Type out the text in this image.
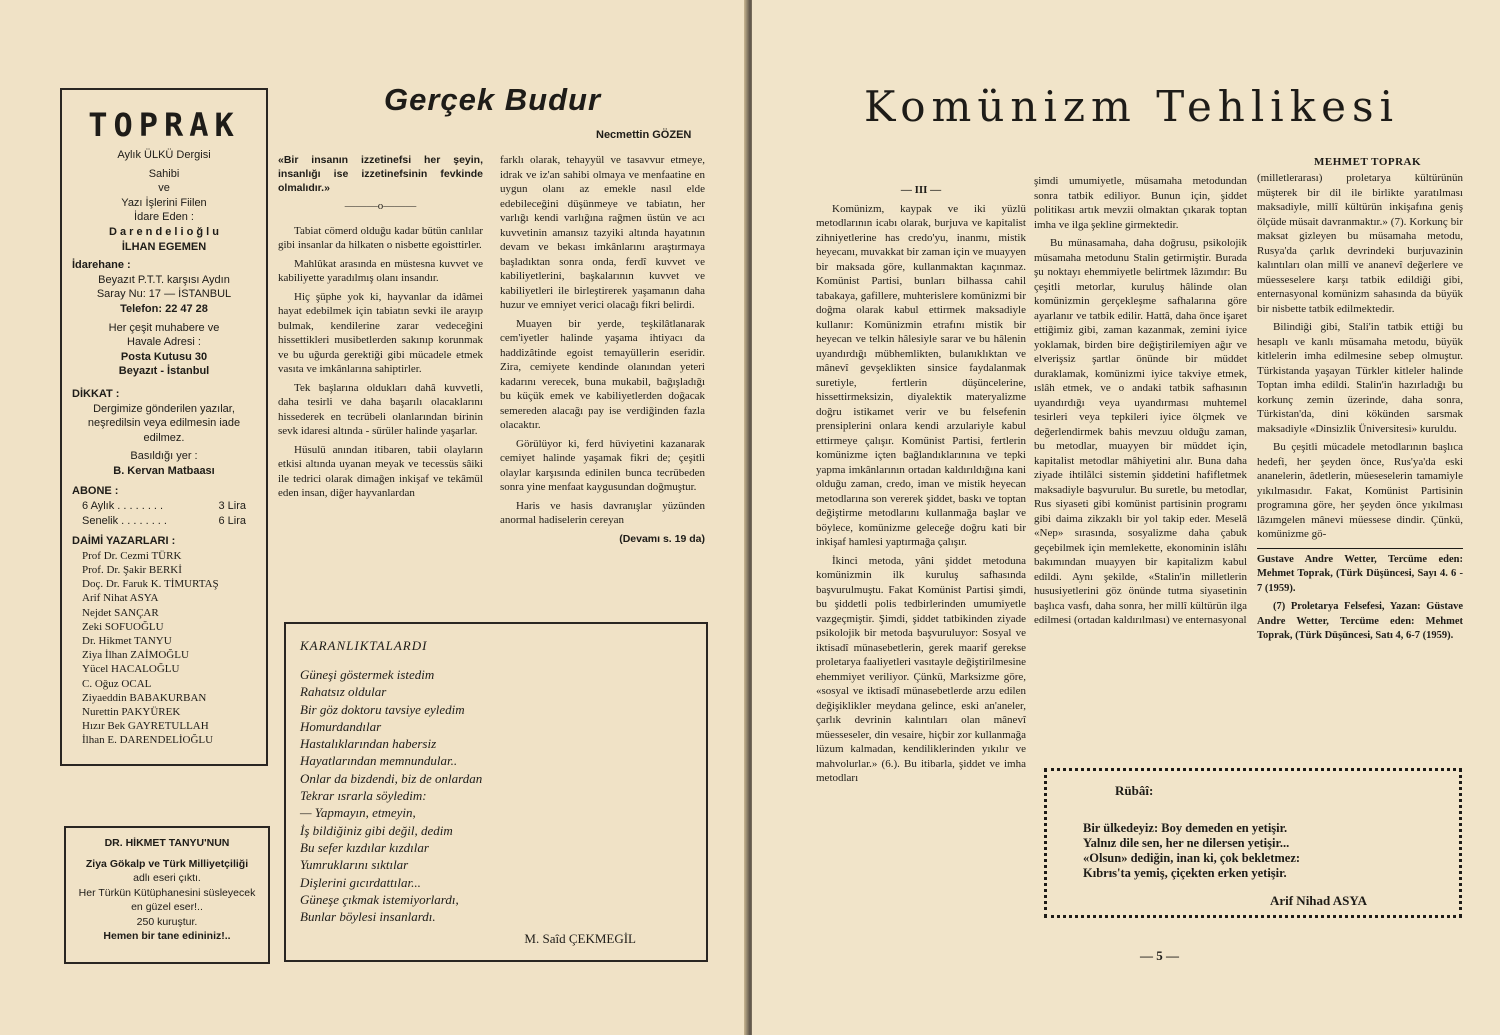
TOPRAK
Aylık ÜLKÜ Dergisi
Sahibi
ve
Yazı İşlerini Fiilen
İdare Eden :
D a r e n d e l i o ğ l u
İLHAN EGEMEN
İdarehane :
Beyazıt P.T.T. karşısı Aydın
Saray Nu: 17 — İSTANBUL
Telefon: 22 47 28
Her çeşit muhabere ve
Havale Adresi :
Posta Kutusu 30
Beyazıt - İstanbul
DİKKAT :
Dergimize gönderilen yazılar, neşredilsin veya edilmesin iade edilmez.
Basıldığı yer :
B. Kervan Matbaası
ABONE :
6 Aylık . . . . . . . .	3 Lira
Senelik . . . . . . . .	6 Lira
DAİMİ YAZARLARI :
Prof Dr. Cezmi TÜRK
Prof. Dr. Şakir BERKİ
Doç. Dr. Faruk K. TİMURTAŞ
Arif Nihat ASYA
Nejdet SANÇAR
Zeki SOFUOĞLU
Dr. Hikmet TANYU
Ziya İlhan ZAİMOĞLU
Yücel HACALOĞLU
C. Oğuz OCAL
Ziyaeddin BABAKURBAN
Nurettin PAKYÜREK
Hızır Bek GAYRETULLAH
İlhan E. DARENDELİOĞLU
DR. HİKMET TANYU'NUN
Ziya Gökalp ve Türk Milliyetçiliği
adlı eseri çıktı.
Her Türkün Kütüphanesini süsleyecek en güzel eser!..
250 kuruştur.
Hemen bir tane edininiz!..
Gerçek Budur
Necmettin GÖZEN
«Bir insanın izzetinefsi her şeyin, insanlığı ise izzetinefsinin fevkinde olmalıdır.»
———o———

Tabiat cömerd olduğu kadar bütün canlılar gibi insanlar da hilkaten o nisbette egoisttirler.

Mahlûkat arasında en müstesna kuvvet ve kabiliyette yaradılmış olanı insandır.

Hiç şüphe yok ki, hayvanlar da idâmei hayat edebilmek için tabiatın sevki ile arayıp bulmak, kendilerine zarar vedeceğini hissettikleri musibetlerden sakınıp korunmak ve bu uğurda gerektiği gibi mücadele etmek vasıta ve imkânlarına sahiptirler.

Tek başlarına oldukları dahâ kuvvetli, daha tesirli ve daha başarılı olacaklarını hissederek en tecrübeli olanlarından birinin sevk idaresi altında - sürüler halinde yaşarlar.

Hüsulü anından itibaren, tabii olayların etkisi altında uyanan meyak ve tecessüs sâiki ile tedrici olarak dimağen inkişaf ve tekâmül eden insan, diğer hayvanlardan

farklı olarak, tehayyül ve tasavvur etmeye, idrak ve iz'an sahibi olmaya ve menfaatine en uygun olanı az emekle nasıl elde edebileceğini düşünmeye ve tabiatın, her varlığı kendi varlığına rağmen üstün ve acı kuvvetinin amansız tazyiki altında hayatının devam ve bekası imkânlarını araştırmaya başladıktan sonra onda, ferdî kuvvet ve kabiliyetlerini, başkalarının kuvvet ve kabiliyetleri ile birleştirerek yaşamanın daha huzur ve emniyet verici olacağı fikri belirdi.

Muayen bir yerde, teşkilâtlanarak cem'iyetler halinde yaşama ihtiyacı da haddizâtinde egoist temayüllerin eseridir. Zira, cemiyete kendinde olanından yeteri kadarını verecek, buna mukabil, bağışladığı bu küçük emek ve kabiliyetlerden doğacak semereden alacağı pay ise verdiğinden fazla olacaktır.

Görülüyor ki, ferd hüviyetini kazanarak cemiyet halinde yaşamak fikri de; çeşitli olaylar karşısında edinilen bunca tecrübeden sonra yine menfaat kaygusundan doğmuştur.

Haris ve hasis davranışlar yüzünden anormal hadiselerin cereyan

(Devamı s. 19 da)
KARANLIKTALARDI
Güneşi göstermek istedim
Rahatsız oldular
Bir göz doktoru tavsiye eyledim
Homurdandılar
Hastalıklarından habersiz
Hayatlarından memnundular..
Onlar da bizdendi, biz de onlardan
Tekrar ısrarla söyledim:
— Yapmayın, etmeyin,
İş bildiğiniz gibi değil, dedim
Bu sefer kızdılar kızdılar
Yumruklarını sıktılar
Dişlerini gıcırdattılar...
Güneşe çıkmak istemiyorlardı,
Bunlar böylesi insanlardı.
M. Saîd ÇEKMEGİL
Komünizm Tehlikesi
MEHMET TOPRAK
— III —

Komünizm, kaypak ve iki yüzlü metodlarının icabı olarak, burjuva ve kapitalist zihniyetlerine has credo'yu, inanmı, mistik heyecanı, muvakkat bir zaman için ve muayyen bir maksada göre, kullanmaktan kaçınmaz. Komünist Partisi, bunları bilhassa cahil tabakaya, gafillere, muhterislere komünizmi bir doğma olarak kabul ettirmek maksadiyle kullanır: Komünizmin etrafını mistik bir heyecan ve telkin hâlesiyle sarar ve bu hâlenin uyandırdığı mübhemlikten, bulanıklıktan ve mânevî gevşeklikten sinsice faydalanmak suretiyle, fertlerin düşüncelerine, hissettirmeksizin, diyalektik materyalizme doğru istikamet verir ve bu felsefenin prensiplerini onlara kendi arzulariyle kabul ettirmeye çalışır. Komünist Partisi, fertlerin komünizme içten bağlandıklarınına ve tepki yapma imkânlarının ortadan kaldırıldığına kani olduğu zaman, credo, iman ve mistik heyecan metodlarına son vererek şiddet, baskı ve toptan değiştirme metodlarını kullanmağa başlar ve böylece, komünizme geleceğe doğru kati bir inkişaf hamlesi yaptırmağa çalışır.

İkinci metoda, yâni şiddet metoduna komünizmin ilk kuruluş safhasında başvurulmuştu. Fakat Komünist Partisi şimdi, bu şiddetli polis tedbirlerinden umumiyetle vazgeçmiştir. Şimdi, şiddet tatbikinden ziyade psikolojik bir metoda başvuruluyor: Sosyal ve iktisadî münasebetlerin, gerek maarif gerekse proletarya faaliyetleri vasıtayle değiştirilmesine ehemmiyet veriliyor. Çünkü, Marksizme göre, «sosyal ve iktisadî münasebetlerde arzu edilen değişiklikler meydana gelince, eski an'aneler, çarlık devrinin kalıntıları olan mânevî müesseseler, din vesaire, hiçbir zor kullanmağa lüzum kalmadan, kendiliklerinden yıkılır ve mahvolurlar.» (6.). Bu itibarla, şiddet ve imha metodları

şimdi umumiyetle, müsamaha metodundan sonra tatbik ediliyor. Bunun için, şiddet politikası artık mevzii olmaktan çıkarak toptan imha ve ilga şekline girmektedir.

Bu münasamaha, daha doğrusu, psikolojik müsamaha metodunu Stalin getirmiştir. Burada şu noktayı ehemmiyetle belirtmek lâzımdır: Bu çeşitli metorlar, kuruluş hâlinde olan komünizmin gerçekleşme safhalarına göre ayarlanır ve tatbik edilir. Hattâ, daha önce işaret ettiğimiz gibi, zaman kazanmak, zemini iyice yoklamak, birden bire değiştirilemiyen ağır ve elverişsiz şartlar önünde bir müddet duraklamak, komünizmi iyice takviye etmek, ıslâh etmek, ve o andaki tatbik safhasının uyandırdığı veya uyandırması muhtemel tesirleri veya tepkileri iyice ölçmek ve değerlendirmek bahis mevzuu olduğu zaman, bu metodlar, muayyen bir müddet için, kapitalist metodlar mâhiyetini alır. Buna daha ziyade ihtilâlci sistemin şiddetini hafifletmek maksadiyle başvurulur. Bu suretle, bu metodlar, Rus siyaseti gibi komünist partisinin programı gibi daima zikzaklı bir yol takip eder. Meselâ «Nep» sırasında, sosyalizme daha çabuk geçebilmek için memlekette, ekonominin islâhı bakımından muayyen bir kapitalizm kabul edildi. Aynı şekilde, «Stalin'in milletlerin hususiyetlerini göz önünde tutma siyasetinin başlıca vasfı, daha sonra, her millî kültürün ilga edilmesi (ortadan kaldırılması) ve enternasyonal

(milletlerarası) proletarya kültürünün müşterek bir dil ile birlikte yaratılması maksadiyle, millî kültürün inkişafına geniş ölçüde müsait davranmaktır.» (7). Korkunç bir maksat gizleyen bu müsamaha metodu, Rusya'da çarlık devrindeki burjuvazinin kalıntıları olan millî ve ananevî değerlere ve müesseselere karşı tatbik edildiği gibi, enternasyonal komünizm sahasında da büyük bir nisbette tatbik edilmektedir.

Bilindiği gibi, Stali'in tatbik ettiği bu hesaplı ve kanlı müsamaha metodu, büyük kitlelerin imha edilmesine sebep olmuştur. Türkistanda yaşayan Türkler kitleler halinde Toptan imha edildi. Stalin'in hazırladığı bu korkunç zemin üzerinde, daha sonra, Türkistan'da, dini kökünden sarsmak maksadiyle «Dinsizlik Üniversitesi» kuruldu.

Bu çeşitli mücadele metodlarının başlıca hedefi, her şeyden önce, Rus'ya'da eski ananelerin, âdetlerin, müeseselerin tamamiyle yıkılmasıdır. Fakat, Komünist Partisinin programına göre, her şeyden önce yıkılması lâzımgelen mânevi müessese dindir. Çünkü, komünizme gö-

Gustave Andre Wetter, Tercüme eden: Mehmet Toprak, (Türk Düşüncesi, Sayı 4. 6 - 7 (1959).
(7) Proletarya Felsefesi, Yazan: Güstave Andre Wetter, Tercüme eden: Mehmet Toprak, (Türk Düşüncesi, Satı 4, 6-7 (1959).
Rübâî:
Bir ülkedeyiz: Boy demeden en yetişir.
Yalnız dile sen, her ne dilersen yetişir...
«Olsun» dediğin, inan ki, çok bekletmez:
Kıbrıs'ta yemiş, çiçekten erken yetişir.
Arif Nihad ASYA
— 5 —
